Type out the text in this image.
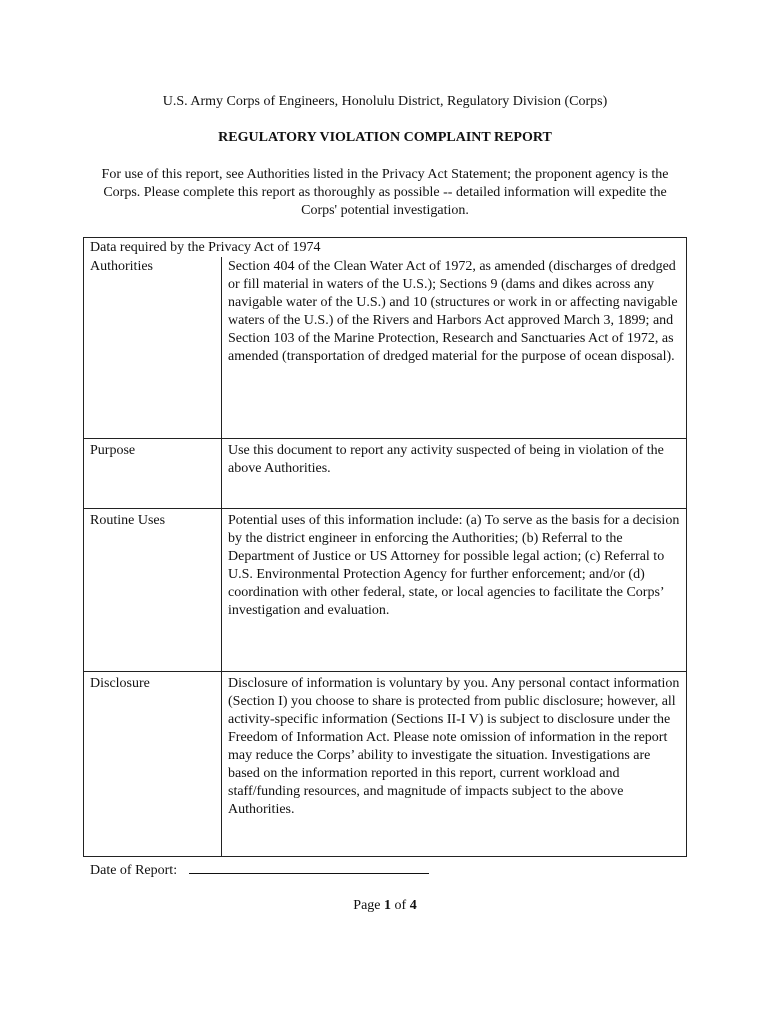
U.S. Army Corps of Engineers, Honolulu District, Regulatory Division (Corps)
REGULATORY VIOLATION COMPLAINT REPORT
For use of this report, see Authorities listed in the Privacy Act Statement; the proponent agency is the Corps. Please complete this report as thoroughly as possible -- detailed information will expedite the Corps' potential investigation.
Data required by the Privacy Act of 1974	
Authorities	Section 404 of the Clean Water Act of 1972, as amended (discharges of dredged or fill material in waters of the U.S.); Sections 9 (dams and dikes across any navigable water of the U.S.) and 10 (structures or work in or affecting navigable waters of the U.S.) of the Rivers and Harbors Act approved March 3, 1899; and Section 103 of the Marine Protection, Research and Sanctuaries Act of 1972, as amended (transportation of dredged material for the purpose of ocean disposal).
Purpose	Use this document to report any activity suspected of being in violation of the above Authorities.
Routine Uses	Potential uses of this information include: (a) To serve as the basis for a decision by the district engineer in enforcing the Authorities; (b) Referral to the Department of Justice or US Attorney for possible legal action; (c) Referral to U.S. Environmental Protection Agency for further enforcement; and/or (d) coordination with other federal, state, or local agencies to facilitate the Corps’ investigation and evaluation.
Disclosure	Disclosure of information is voluntary by you. Any personal contact information (Section I) you choose to share is protected from public disclosure; however, all activity-specific information (Sections II-I V) is subject to disclosure under the Freedom of Information Act. Please note omission of information in the report may reduce the Corps’ ability to investigate the situation. Investigations are based on the information reported in this report, current workload and staff/funding resources, and magnitude of impacts subject to the above Authorities.
Date of Report:
Page 1 of 4
